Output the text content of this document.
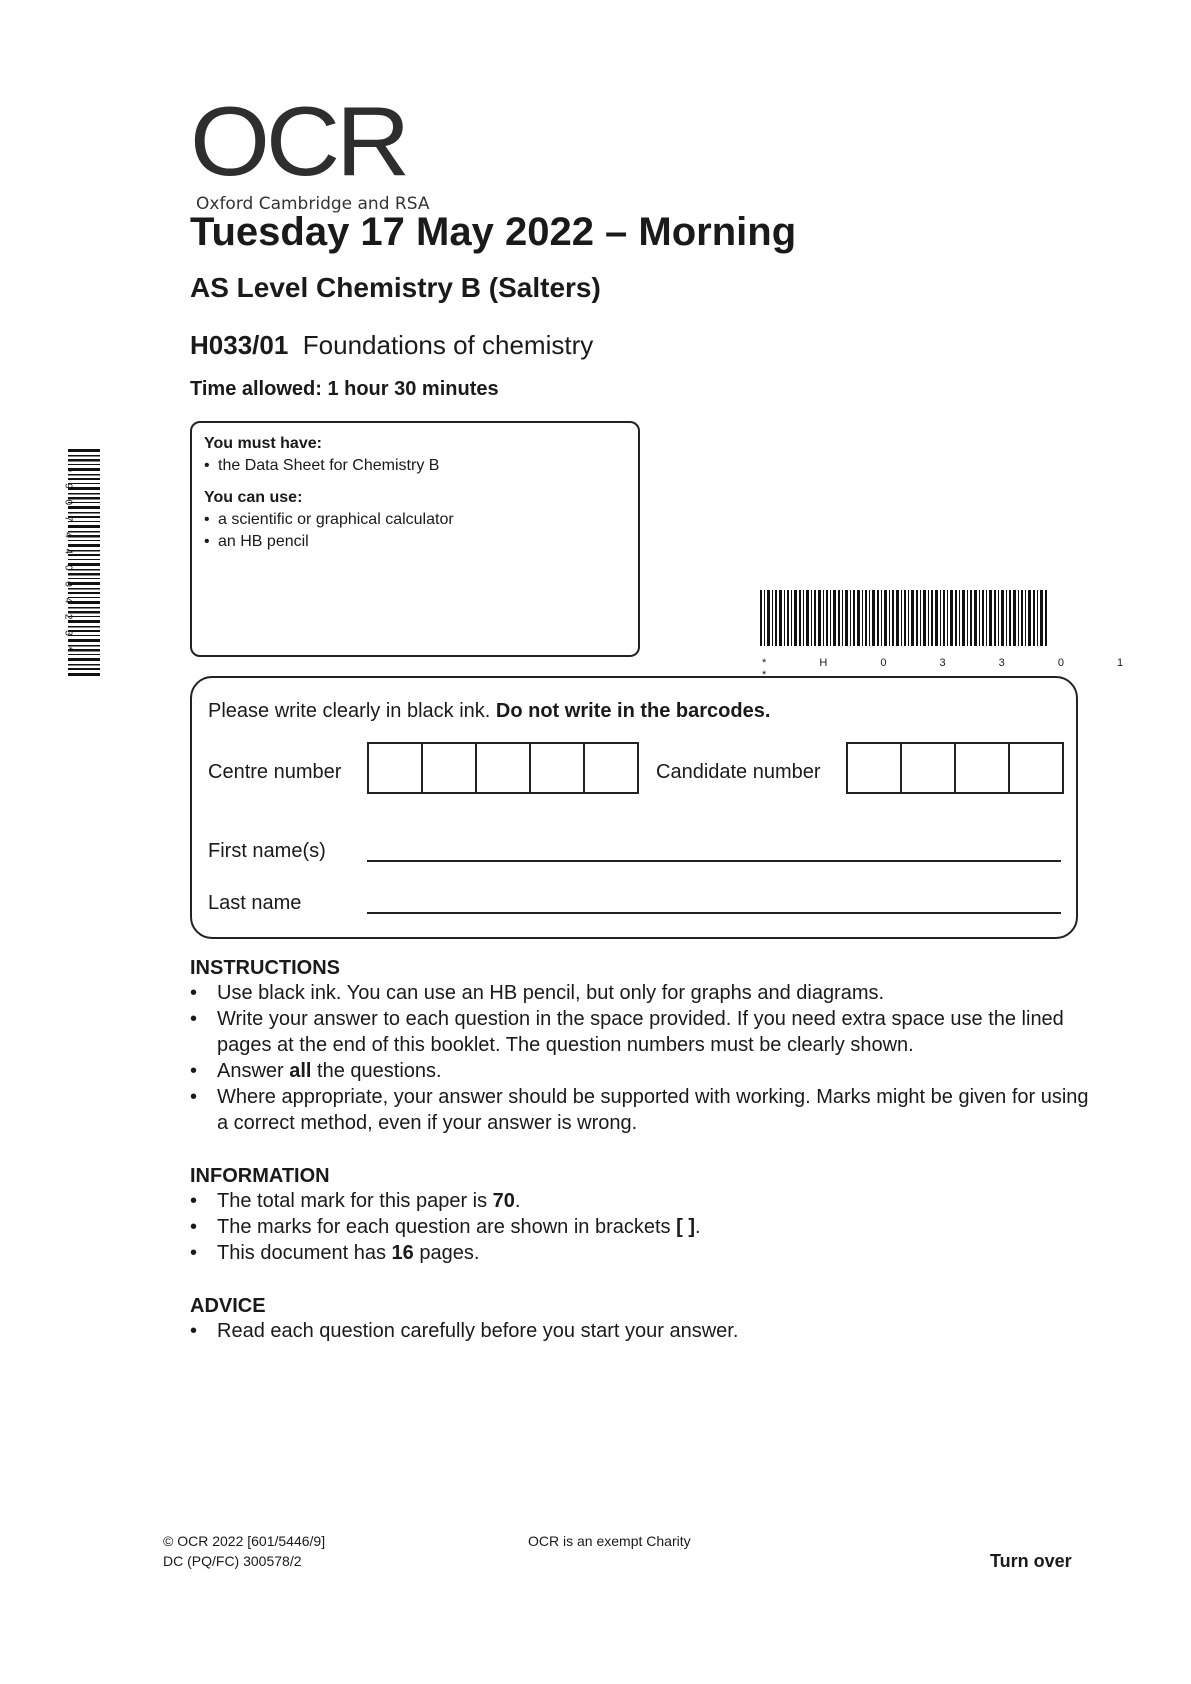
OCR
Oxford Cambridge and RSA
Tuesday 17 May 2022 – Morning
AS Level Chemistry B (Salters)
H033/01 Foundations of chemistry
Time allowed: 1 hour 30 minutes
You must have:
• the Data Sheet for Chemistry B
You can use:
• a scientific or graphical calculator
• an HB pencil
* 9 0 7 4 4 0 0 4 2 3 *
* H 0 3 3 0 1 *
Please write clearly in black ink. Do not write in the barcodes.
Centre number	Candidate number
First name(s)
Last name
INSTRUCTIONS
• Use black ink. You can use an HB pencil, but only for graphs and diagrams.
• Write your answer to each question in the space provided. If you need extra space use the lined pages at the end of this booklet. The question numbers must be clearly shown.
• Answer all the questions.
• Where appropriate, your answer should be supported with working. Marks might be given for using a correct method, even if your answer is wrong.
INFORMATION
• The total mark for this paper is 70.
• The marks for each question are shown in brackets [ ].
• This document has 16 pages.
ADVICE
• Read each question carefully before you start your answer.
© OCR 2022 [601/5446/9]
DC (PQ/FC) 300578/2
OCR is an exempt Charity
Turn over
